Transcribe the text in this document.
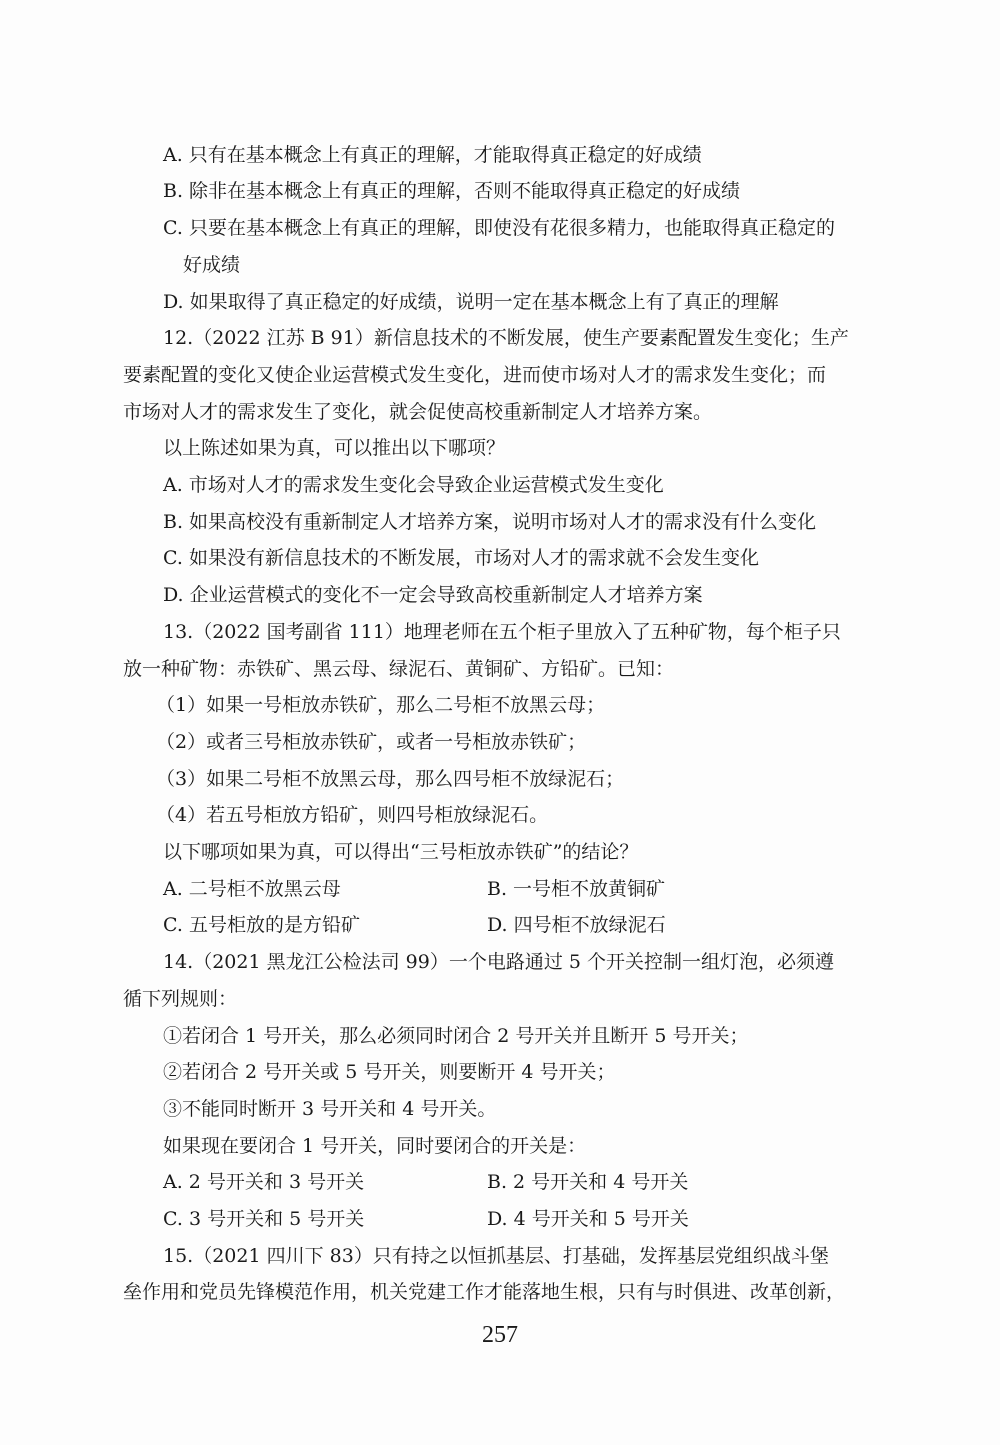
A. 只有在基本概念上有真正的理解，才能取得真正稳定的好成绩
B. 除非在基本概念上有真正的理解，否则不能取得真正稳定的好成绩
C. 只要在基本概念上有真正的理解，即使没有花很多精力，也能取得真正稳定的
好成绩
D. 如果取得了真正稳定的好成绩，说明一定在基本概念上有了真正的理解
12.（2022 江苏 B 91）新信息技术的不断发展，使生产要素配置发生变化；生产
要素配置的变化又使企业运营模式发生变化，进而使市场对人才的需求发生变化；而
市场对人才的需求发生了变化，就会促使高校重新制定人才培养方案。
以上陈述如果为真，可以推出以下哪项？
A. 市场对人才的需求发生变化会导致企业运营模式发生变化
B. 如果高校没有重新制定人才培养方案，说明市场对人才的需求没有什么变化
C. 如果没有新信息技术的不断发展，市场对人才的需求就不会发生变化
D. 企业运营模式的变化不一定会导致高校重新制定人才培养方案
13.（2022 国考副省 111）地理老师在五个柜子里放入了五种矿物，每个柜子只
放一种矿物：赤铁矿、黑云母、绿泥石、黄铜矿、方铅矿。已知：
（1）如果一号柜放赤铁矿，那么二号柜不放黑云母；
（2）或者三号柜放赤铁矿，或者一号柜放赤铁矿；
（3）如果二号柜不放黑云母，那么四号柜不放绿泥石；
（4）若五号柜放方铅矿，则四号柜放绿泥石。
以下哪项如果为真，可以得出“三号柜放赤铁矿”的结论？
A. 二号柜不放黑云母	B. 一号柜不放黄铜矿
C. 五号柜放的是方铅矿	D. 四号柜不放绿泥石
14.（2021 黑龙江公检法司 99）一个电路通过 5 个开关控制一组灯泡，必须遵
循下列规则：
①若闭合 1 号开关，那么必须同时闭合 2 号开关并且断开 5 号开关；
②若闭合 2 号开关或 5 号开关，则要断开 4 号开关；
③不能同时断开 3 号开关和 4 号开关。
如果现在要闭合 1 号开关，同时要闭合的开关是：
A. 2 号开关和 3 号开关	B. 2 号开关和 4 号开关
C. 3 号开关和 5 号开关	D. 4 号开关和 5 号开关
15.（2021 四川下 83）只有持之以恒抓基层、打基础，发挥基层党组织战斗堡
垒作用和党员先锋模范作用，机关党建工作才能落地生根，只有与时俱进、改革创新，
257
